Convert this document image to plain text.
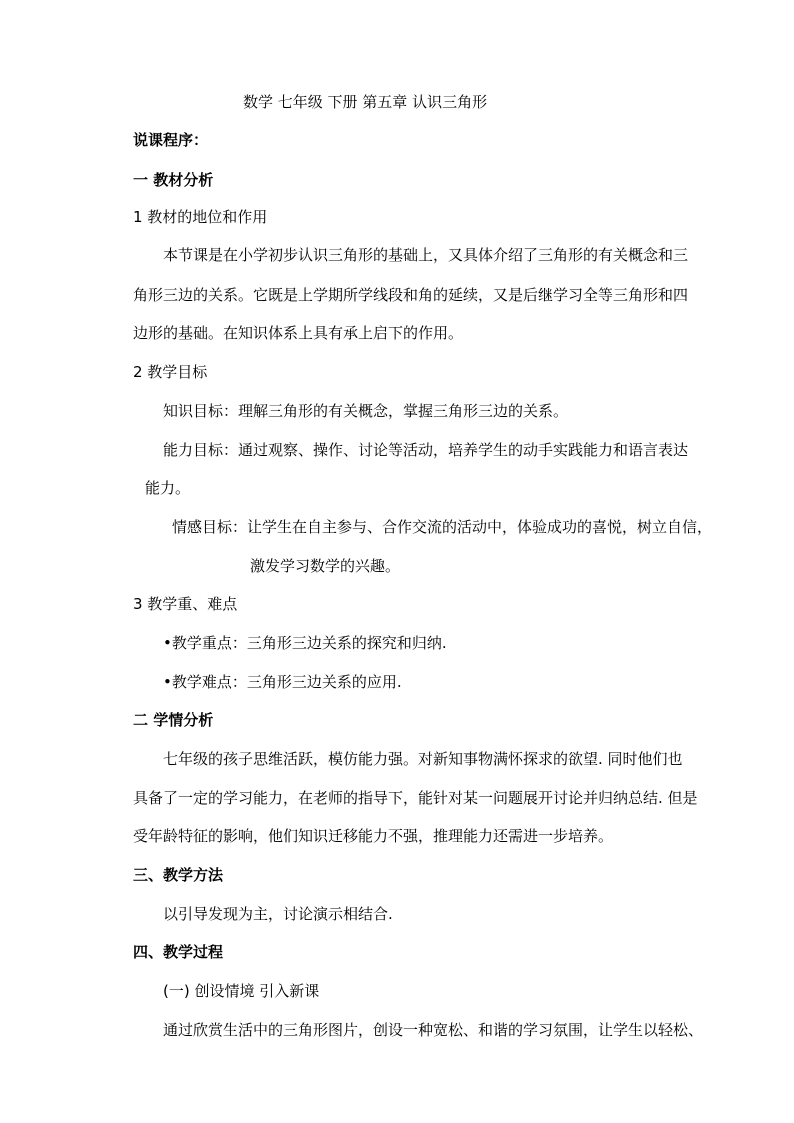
数学 七年级 下册 第五章 认识三角形
说课程序：
一 教材分析
1 教材的地位和作用
本节课是在小学初步认识三角形的基础上，又具体介绍了三角形的有关概念和三
角形三边的关系。它既是上学期所学线段和角的延续，又是后继学习全等三角形和四
边形的基础。在知识体系上具有承上启下的作用。
2 教学目标
知识目标：理解三角形的有关概念，掌握三角形三边的关系。
能力目标：通过观察、操作、讨论等活动，培养学生的动手实践能力和语言表达
能力。
情感目标：让学生在自主参与、合作交流的活动中，体验成功的喜悦，树立自信，
激发学习数学的兴趣。
3 教学重、难点
•教学重点：三角形三边关系的探究和归纳.
•教学难点：三角形三边关系的应用.
二 学情分析
七年级的孩子思维活跃，模仿能力强。对新知事物满怀探求的欲望. 同时他们也
具备了一定的学习能力，在老师的指导下，能针对某一问题展开讨论并归纳总结. 但是
受年龄特征的影响，他们知识迁移能力不强，推理能力还需进一步培养。
三、教学方法
以引导发现为主，讨论演示相结合.
四、教学过程
(一) 创设情境 引入新课
通过欣赏生活中的三角形图片，创设一种宽松、和谐的学习氛围，让学生以轻松、
